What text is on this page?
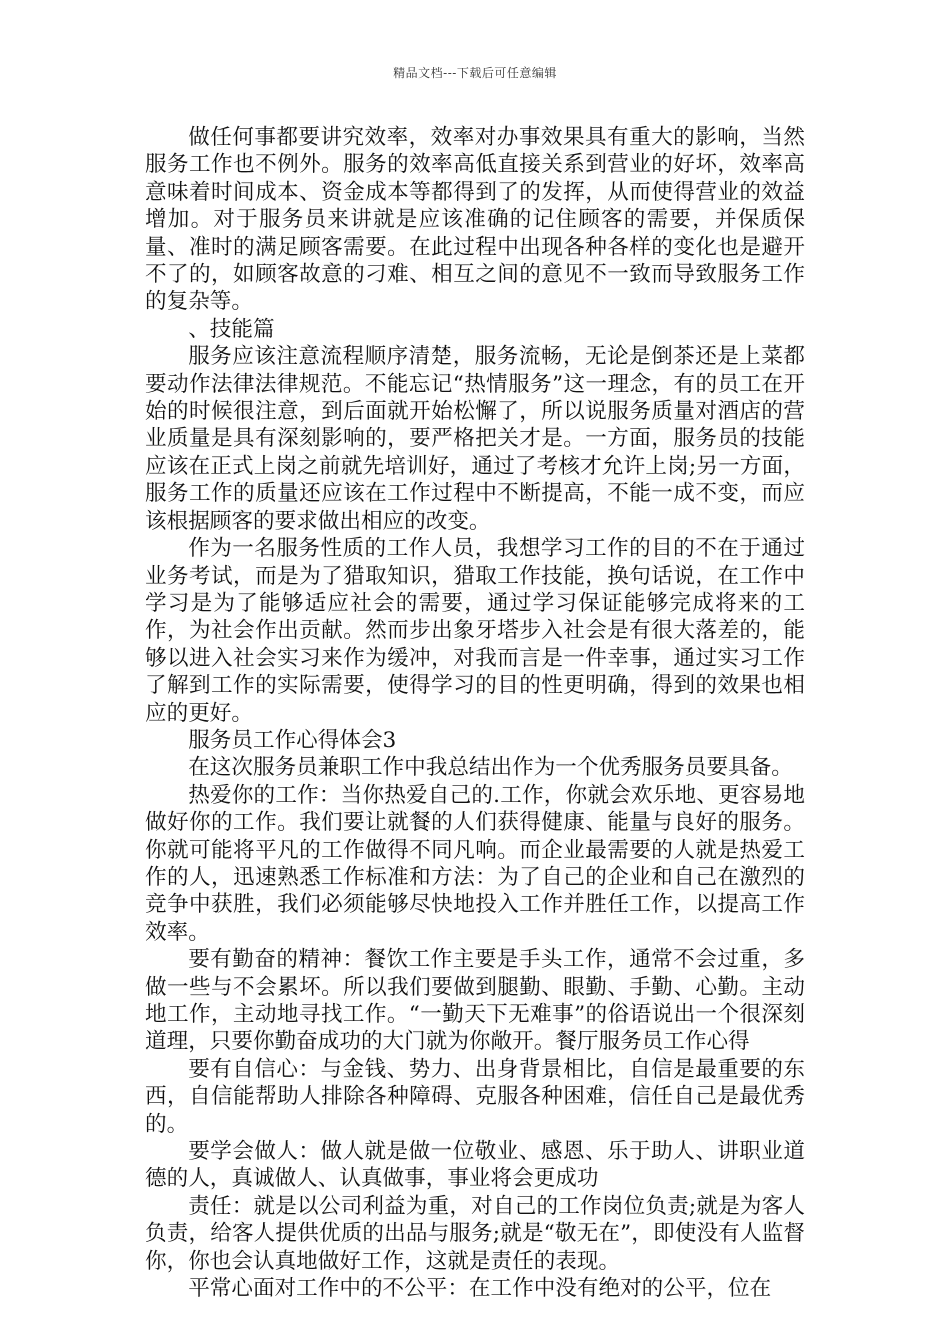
精品文档---下载后可任意编辑

做任何事都要讲究效率，效率对办事效果具有重大的影响，当然服务工作也不例外。服务的效率高低直接关系到营业的好坏，效率高意味着时间成本、资金成本等都得到了的发挥，从而使得营业的效益增加。对于服务员来讲就是应该准确的记住顾客的需要，并保质保量、准时的满足顾客需要。在此过程中出现各种各样的变化也是避开不了的，如顾客故意的刁难、相互之间的意见不一致而导致服务工作的复杂等。

、技能篇

服务应该注意流程顺序清楚，服务流畅，无论是倒茶还是上菜都要动作法律法律规范。不能忘记“热情服务”这一理念，有的员工在开始的时候很注意，到后面就开始松懈了，所以说服务质量对酒店的营业质量是具有深刻影响的，要严格把关才是。一方面，服务员的技能应该在正式上岗之前就先培训好，通过了考核才允许上岗;另一方面，服务工作的质量还应该在工作过程中不断提高，不能一成不变，而应该根据顾客的要求做出相应的改变。

作为一名服务性质的工作人员，我想学习工作的目的不在于通过业务考试，而是为了猎取知识，猎取工作技能，换句话说，在工作中学习是为了能够适应社会的需要，通过学习保证能够完成将来的工作，为社会作出贡献。然而步出象牙塔步入社会是有很大落差的，能够以进入社会实习来作为缓冲，对我而言是一件幸事，通过实习工作了解到工作的实际需要，使得学习的目的性更明确，得到的效果也相应的更好。

服务员工作心得体会3

在这次服务员兼职工作中我总结出作为一个优秀服务员要具备。

热爱你的工作：当你热爱自己的.工作，你就会欢乐地、更容易地做好你的工作。我们要让就餐的人们获得健康、能量与良好的服务。你就可能将平凡的工作做得不同凡响。而企业最需要的人就是热爱工作的人，迅速熟悉工作标准和方法：为了自己的企业和自己在激烈的竞争中获胜，我们必须能够尽快地投入工作并胜任工作，以提高工作效率。

要有勤奋的精神：餐饮工作主要是手头工作，通常不会过重，多做一些与不会累坏。所以我们要做到腿勤、眼勤、手勤、心勤。主动地工作，主动地寻找工作。“一勤天下无难事”的俗语说出一个很深刻道理，只要你勤奋成功的大门就为你敞开。餐厅服务员工作心得

要有自信心：与金钱、势力、出身背景相比，自信是最重要的东西，自信能帮助人排除各种障碍、克服各种困难，信任自己是最优秀的。

要学会做人：做人就是做一位敬业、感恩、乐于助人、讲职业道德的人，真诚做人、认真做事，事业将会更成功

责任：就是以公司利益为重，对自己的工作岗位负责;就是为客人负责，给客人提供优质的出品与服务;就是“敬无在”，即使没有人监督你，你也会认真地做好工作，这就是责任的表现。

平常心面对工作中的不公平：在工作中没有绝对的公平，位在
